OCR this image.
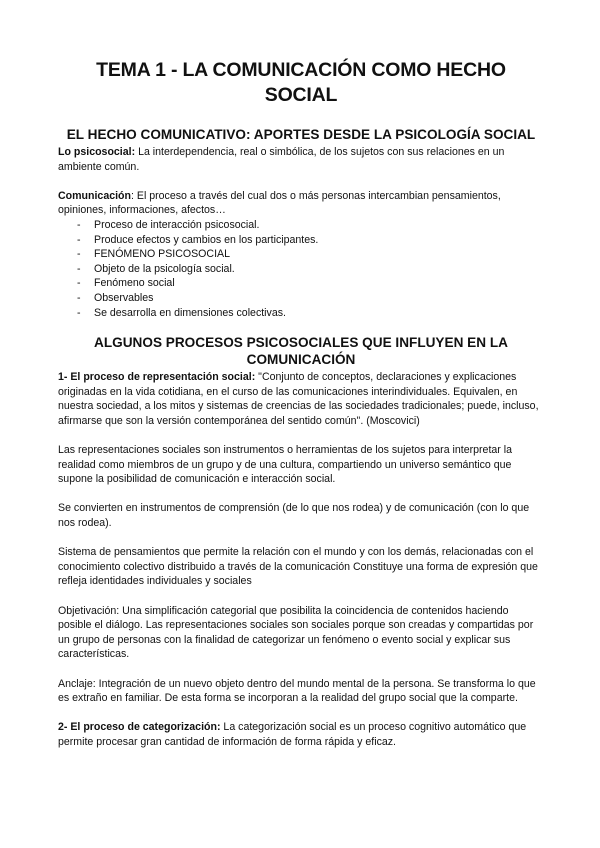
TEMA 1 - LA COMUNICACIÓN COMO HECHO SOCIAL
EL HECHO COMUNICATIVO: APORTES DESDE LA PSICOLOGÍA SOCIAL

Lo psicosocial: La interdependencia, real o simbólica, de los sujetos con sus relaciones en un ambiente común.

Comunicación: El proceso a través del cual dos o más personas intercambian pensamientos, opiniones, informaciones, afectos…

- Proceso de interacción psicosocial.
- Produce efectos y cambios en los participantes.
- FENÓMENO PSICOSOCIAL
- Objeto de la psicología social.
- Fenómeno social
- Observables
- Se desarrolla en dimensiones colectivas.
ALGUNOS PROCESOS PSICOSOCIALES QUE INFLUYEN EN LA COMUNICACIÓN

1- El proceso de representación social: "Conjunto de conceptos, declaraciones y explicaciones originadas en la vida cotidiana, en el curso de las comunicaciones interindividuales. Equivalen, en nuestra sociedad, a los mitos y sistemas de creencias de las sociedades tradicionales; puede, incluso, afirmarse que son la versión contemporánea del sentido común". (Moscovici)

Las representaciones sociales son instrumentos o herramientas de los sujetos para interpretar la realidad como miembros de un grupo y de una cultura, compartiendo un universo semántico que supone la posibilidad de comunicación e interacción social.

Se convierten en instrumentos de comprensión (de lo que nos rodea) y de comunicación (con lo que nos rodea).

Sistema de pensamientos que permite la relación con el mundo y con los demás, relacionadas con el conocimiento colectivo distribuido a través de la comunicación Constituye una forma de expresión que refleja identidades individuales y sociales

Objetivación: Una simplificación categorial que posibilita la coincidencia de contenidos haciendo posible el diálogo. Las representaciones sociales son sociales porque son creadas y compartidas por un grupo de personas con la finalidad de categorizar un fenómeno o evento social y explicar sus características.

Anclaje: Integración de un nuevo objeto dentro del mundo mental de la persona. Se transforma lo que es extraño en familiar. De esta forma se incorporan a la realidad del grupo social que la comparte.

2- El proceso de categorización: La categorización social es un proceso cognitivo automático que permite procesar gran cantidad de información de forma rápida y eficaz.
